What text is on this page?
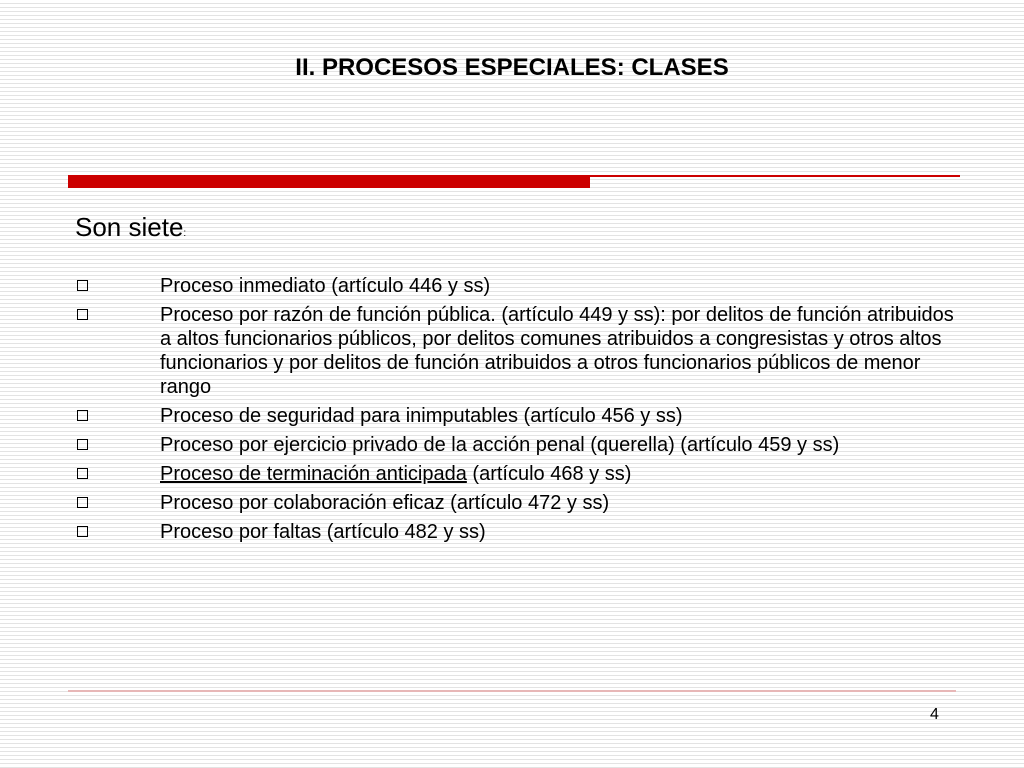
II. PROCESOS ESPECIALES: CLASES
Son siete:
Proceso inmediato (artículo 446 y ss)
Proceso por razón de función pública. (artículo 449 y ss): por delitos de función atribuidos a altos funcionarios públicos, por delitos comunes atribuidos a congresistas y otros altos funcionarios y por delitos de función atribuidos a otros funcionarios públicos de menor rango
Proceso de seguridad para inimputables (artículo 456 y ss)
Proceso por ejercicio privado de la acción penal (querella) (artículo 459 y ss)
Proceso de terminación anticipada (artículo 468 y ss)
Proceso por colaboración eficaz (artículo 472 y ss)
Proceso por faltas (artículo 482 y ss)
4
